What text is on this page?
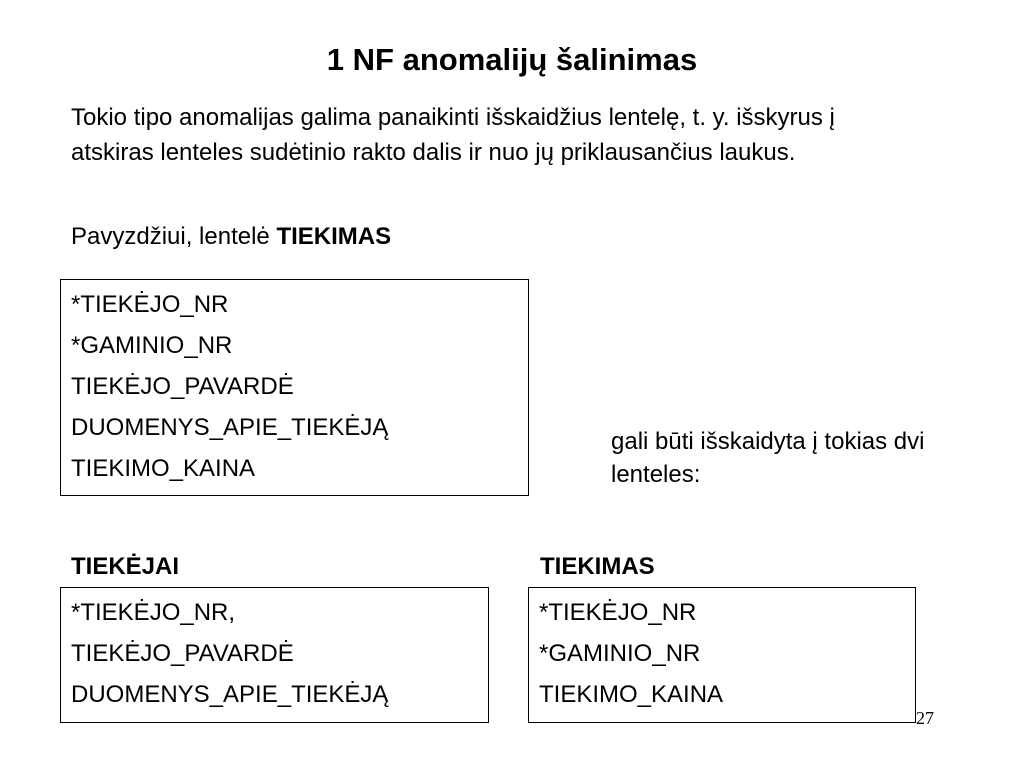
1 NF anomalijų šalinimas

Tokio tipo anomalijas galima panaikinti išskaidžius lentelę, t. y. išskyrus į atskiras lenteles sudėtinio rakto dalis ir nuo jų priklausančius laukus.

Pavyzdžiui, lentelė TIEKIMAS
*TIEKĖJO_NR
*GAMINIO_NR
TIEKĖJO_PAVARDĖ
DUOMENYS_APIE_TIEKĖJĄ
TIEKIMO_KAINA
gali būti išskaidyta į tokias dvi lenteles:
TIEKĖJAI	TIEKIMAS
*TIEKĖJO_NR,
TIEKĖJO_PAVARDĖ
DUOMENYS_APIE_TIEKĖJĄ
*TIEKĖJO_NR
*GAMINIO_NR
TIEKIMO_KAINA
27
